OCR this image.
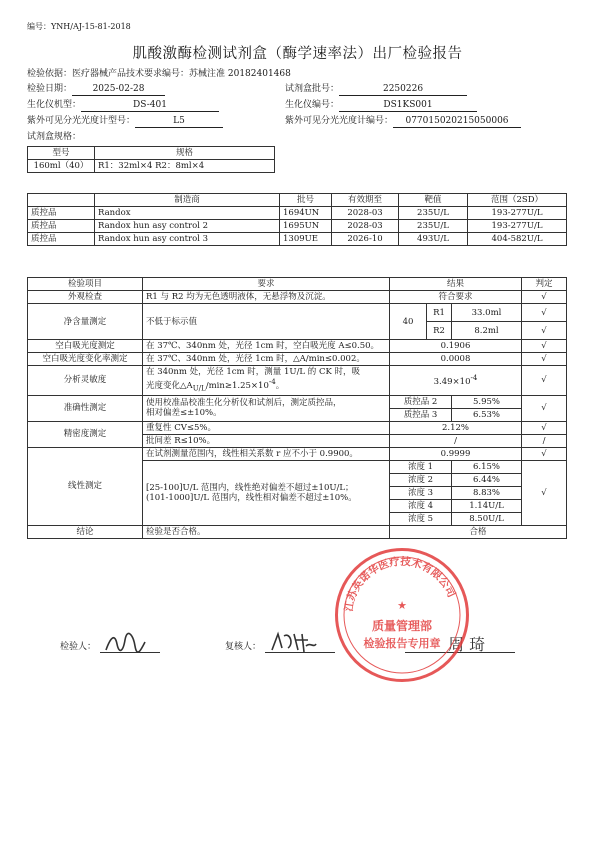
编号：YNH/AJ-15-81-2018
肌酸激酶检测试剂盒（酶学速率法）出厂检验报告
检验依据：医疗器械产品技术要求编号：苏械注准 20182401468
检验日期： 2025-02-28	试剂盒批号：	2250226
生化仪机型：	DS-401	生化仪编号：	DS1KS001
紫外可见分光光度计型号：	L5	紫外可见分光光度计编号： 077015020215050006
试剂盒规格：
型号	规格
160ml（40）	R1：32ml×4 R2：8ml×4
	制造商	批号	有效期至	靶值	范围（2SD）
质控品	Randox	1694UN	2028-03	235U/L	193-277U/L
质控品	Randox hun asy control 2	1695UN	2028-03	235U/L	193-277U/L
质控品	Randox hun asy control 3	1309UE	2026-10	493U/L	404-582U/L
检验项目	要求	结果			判定
外观检查	R1 与 R2 均为无色透明液体，无悬浮物及沉淀。	符合要求			√
净含量测定	不低于标示值	40	R1	33.0ml	√
			R2	8.2ml	√
空白吸光度测定	在 37℃、340nm 处，光径 1cm 时，空白吸光度 A≤0.50。	0.1906			√
空白吸光度变化率测定	在 37℃、340nm 处，光径 1cm 时，△A/min≤0.002。	0.0008			√
分析灵敏度	在 340nm 处，光径 1cm 时，测量 1U/L 的 CK 时，吸
光度变化$\triangle A_{U/L}/\min\ge 1.25\times 10^{-4}$。	$3.49\times 10^{-4}$			√
准确性测定	使用校准品校准生化分析仪和试剂后，测定质控品，
相对偏差≤±10%。	质控品 2		5.95%	√
		质控品 3		6.53%	
精密度测定	重复性 CV≤5%。	2.12%			√
	批间差 R≤10%。	/			/
线性测定	在试剂测量范围内，线性相关系数 r 应不小于 0.9900。	0.9999			√
	[25-100]U/L 范围内，线性绝对偏差不超过±10U/L；
(101-1000]U/L 范围内，线性相对偏差不超过±10%。	浓度 1		6.15%	√
		浓度 2		6.44%	
		浓度 3		8.83%	
		浓度 4		1.14U/L	
		浓度 5		8.50U/L	
结论	检验是否合格。	合格			
检验人：	复核人：	周 琦
江苏英诺华医疗技术有限公司
★
质量管理部
检验报告专用章
